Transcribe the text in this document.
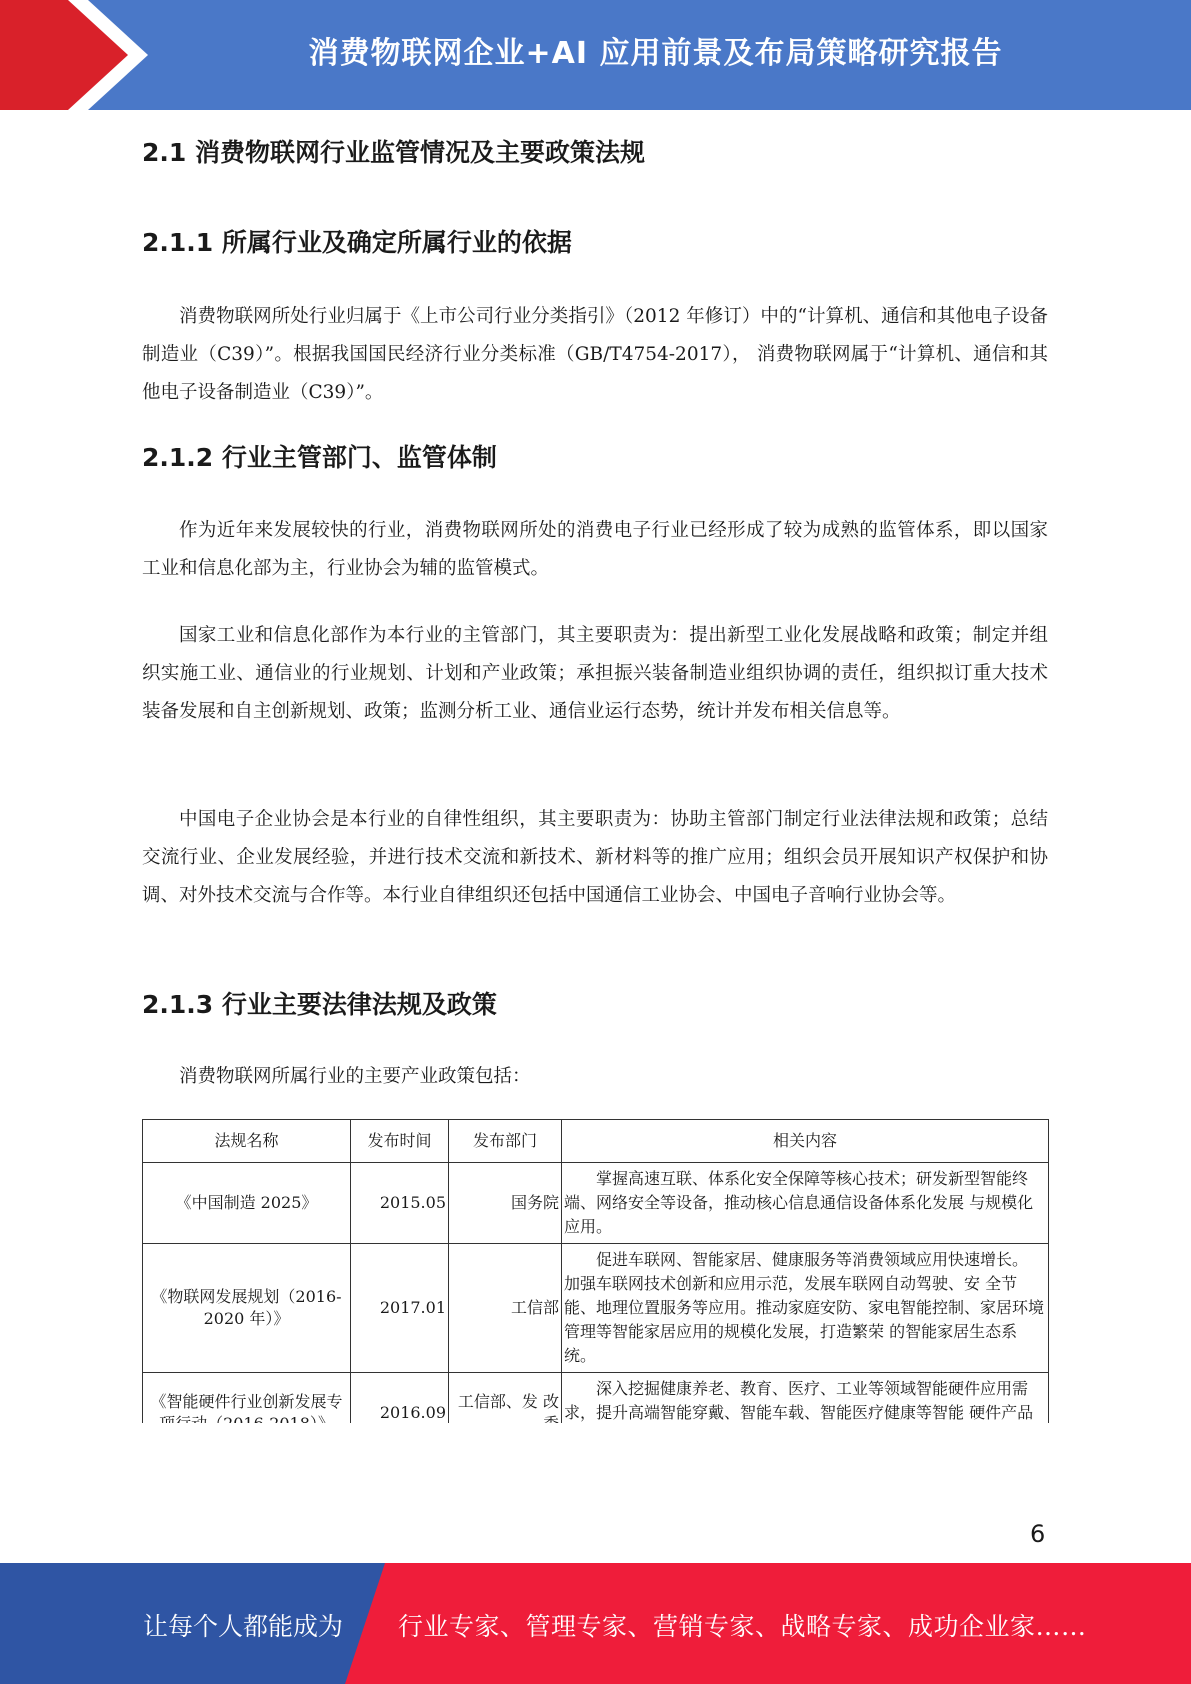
消费物联网企业+AI 应用前景及布局策略研究报告
2.1 消费物联网行业监管情况及主要政策法规
2.1.1 所属行业及确定所属行业的依据

消费物联网所处行业归属于《上市公司行业分类指引》（2012 年修订）中的“计算机、通信和其他电子设备制造业（C39）”。根据我国国民经济行业分类标准（GB/T4754-2017）， 消费物联网属于“计算机、通信和其他电子设备制造业（C39）”。

2.1.2 行业主管部门、监管体制

作为近年来发展较快的行业，消费物联网所处的消费电子行业已经形成了较为成熟的监管体系，即以国家工业和信息化部为主，行业协会为辅的监管模式。

国家工业和信息化部作为本行业的主管部门，其主要职责为：提出新型工业化发展战略和政策；制定并组织实施工业、通信业的行业规划、计划和产业政策；承担振兴装备制造业组织协调的责任，组织拟订重大技术装备发展和自主创新规划、政策；监测分析工业、通信业运行态势，统计并发布相关信息等。

中国电子企业协会是本行业的自律性组织，其主要职责为：协助主管部门制定行业法律法规和政策；总结交流行业、企业发展经验，并进行技术交流和新技术、新材料等的推广应用；组织会员开展知识产权保护和协调、对外技术交流与合作等。本行业自律组织还包括中国通信工业协会、中国电子音响行业协会等。

2.1.3 行业主要法律法规及政策

消费物联网所属行业的主要产业政策包括：

法规名称	发布时间	发布部门	相关内容
《中国制造 2025》	2015.05	国务院	掌握高速互联、体系化安全保障等核心技术；研发新型智能终端、网络安全等设备，推动核心信息通信设备体系化发展 与规模化应用。
《物联网发展规划（2016-2020 年）》	2017.01	工信部	促进车联网、智能家居、健康服务等消费领域应用快速增长。 加强车联网技术创新和应用示范，发展车联网自动驾驶、安 全节能、地理位置服务等应用。推动家庭安防、家电智能控制、家居环境管理等智能家居应用的规模化发展，打造繁荣 的智能家居生态系统。
《智能硬件行业创新发展专	2016.09	工信部、发 改	深入挖掘健康养老、教育、医疗、工业等领域智能硬件应用需求，提升高端智能穿戴、智能车载、智能医疗健康等智能 硬件产品
6
让每个人都能成为 行业专家、管理专家、营销专家、战略专家、成功企业家……
